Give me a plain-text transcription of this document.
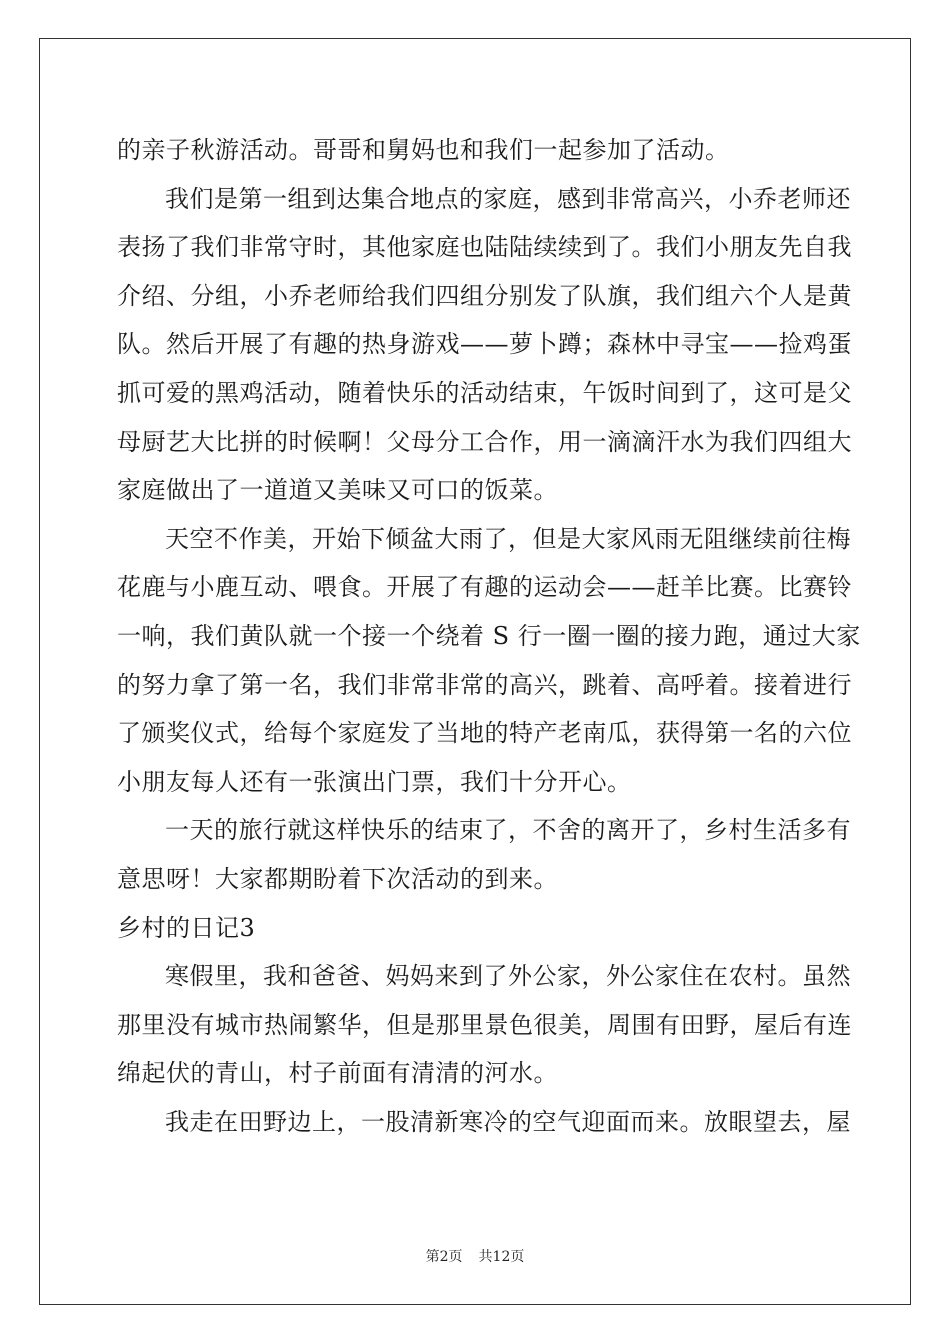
的亲子秋游活动。哥哥和舅妈也和我们一起参加了活动。
我们是第一组到达集合地点的家庭，感到非常高兴，小乔老师还
表扬了我们非常守时，其他家庭也陆陆续续到了。我们小朋友先自我
介绍、分组，小乔老师给我们四组分别发了队旗，我们组六个人是黄
队。然后开展了有趣的热身游戏——萝卜蹲；森林中寻宝——捡鸡蛋
抓可爱的黑鸡活动，随着快乐的活动结束，午饭时间到了，这可是父
母厨艺大比拼的时候啊！父母分工合作，用一滴滴汗水为我们四组大
家庭做出了一道道又美味又可口的饭菜。
天空不作美，开始下倾盆大雨了，但是大家风雨无阻继续前往梅
花鹿与小鹿互动、喂食。开展了有趣的运动会——赶羊比赛。比赛铃
一响，我们黄队就一个接一个绕着 S 行一圈一圈的接力跑，通过大家
的努力拿了第一名，我们非常非常的高兴，跳着、高呼着。接着进行
了颁奖仪式，给每个家庭发了当地的特产老南瓜，获得第一名的六位
小朋友每人还有一张演出门票，我们十分开心。
一天的旅行就这样快乐的结束了，不舍的离开了，乡村生活多有
意思呀！大家都期盼着下次活动的到来。
乡村的日记3
寒假里，我和爸爸、妈妈来到了外公家，外公家住在农村。虽然
那里没有城市热闹繁华，但是那里景色很美，周围有田野，屋后有连
绵起伏的青山，村子前面有清清的河水。
我走在田野边上，一股清新寒冷的空气迎面而来。放眼望去，屋
第2页 共12页
